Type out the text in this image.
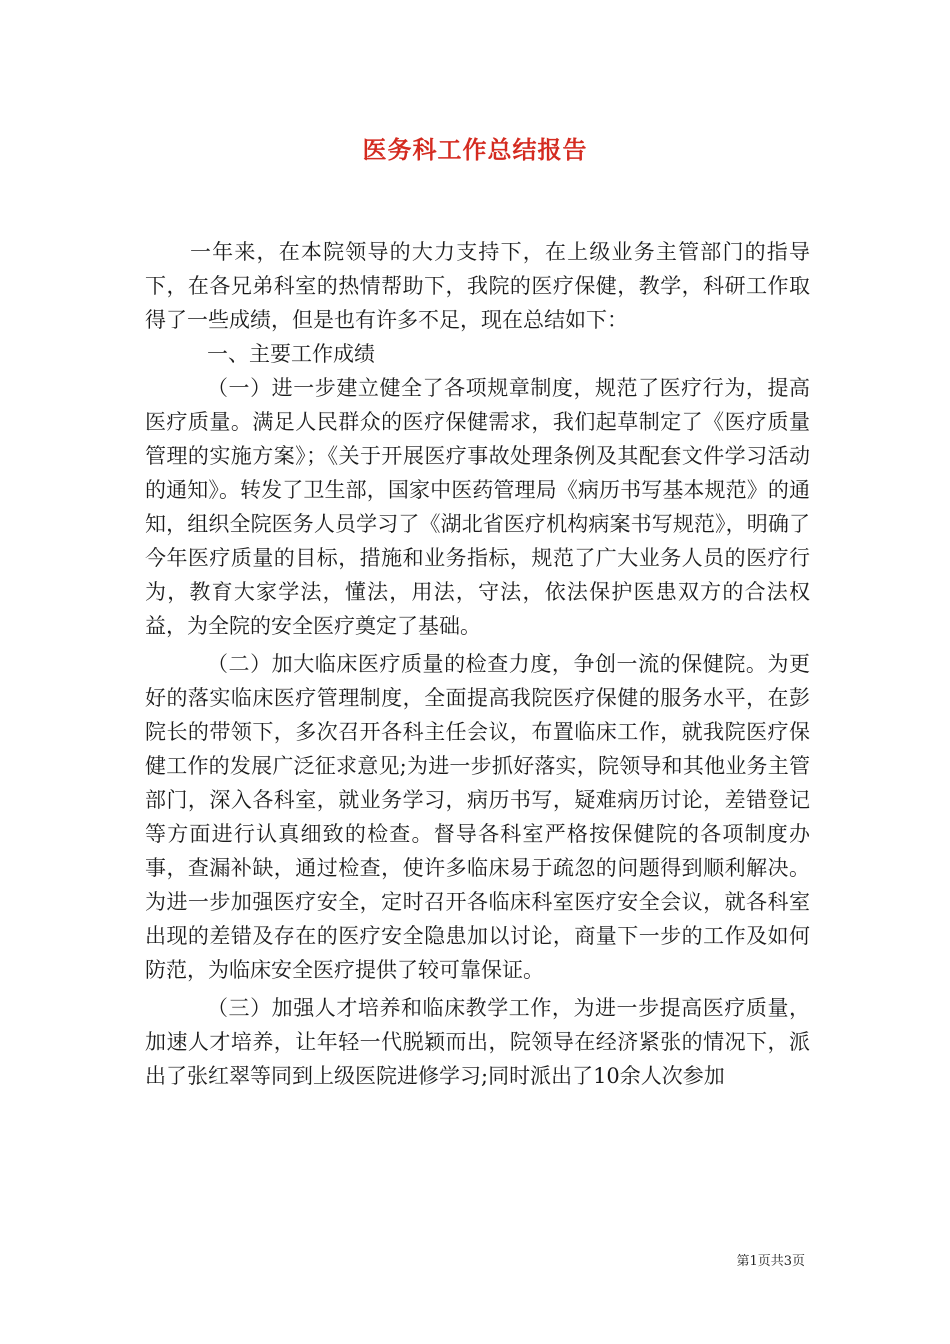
医务科工作总结报告

一年来，在本院领导的大力支持下，在上级业务主管部门的指导下，在各兄弟科室的热情帮助下，我院的医疗保健，教学，科研工作取得了一些成绩，但是也有许多不足，现在总结如下：

一、主要工作成绩

（一）进一步建立健全了各项规章制度，规范了医疗行为，提高医疗质量。满足人民群众的医疗保健需求，我们起草制定了《医疗质量管理的实施方案》；《关于开展医疗事故处理条例及其配套文件学习活动的通知》。转发了卫生部，国家中医药管理局《病历书写基本规范》的通知，组织全院医务人员学习了《湖北省医疗机构病案书写规范》，明确了今年医疗质量的目标，措施和业务指标，规范了广大业务人员的医疗行为，教育大家学法，懂法，用法，守法，依法保护医患双方的合法权益，为全院的安全医疗奠定了基础。

（二）加大临床医疗质量的检查力度，争创一流的保健院。为更好的落实临床医疗管理制度，全面提高我院医疗保健的服务水平，在彭院长的带领下，多次召开各科主任会议，布置临床工作，就我院医疗保健工作的发展广泛征求意见;为进一步抓好落实，院领导和其他业务主管部门，深入各科室，就业务学习，病历书写，疑难病历讨论，差错登记等方面进行认真细致的检查。督导各科室严格按保健院的各项制度办事，查漏补缺，通过检查，使许多临床易于疏忽的问题得到顺利解决。为进一步加强医疗安全，定时召开各临床科室医疗安全会议，就各科室出现的差错及存在的医疗安全隐患加以讨论，商量下一步的工作及如何防范，为临床安全医疗提供了较可靠保证。

（三）加强人才培养和临床教学工作，为进一步提高医疗质量，加速人才培养，让年轻一代脱颖而出，院领导在经济紧张的情况下，派出了张红翠等同到上级医院进修学习;同时派出了10余人次参加

第1页共3页
